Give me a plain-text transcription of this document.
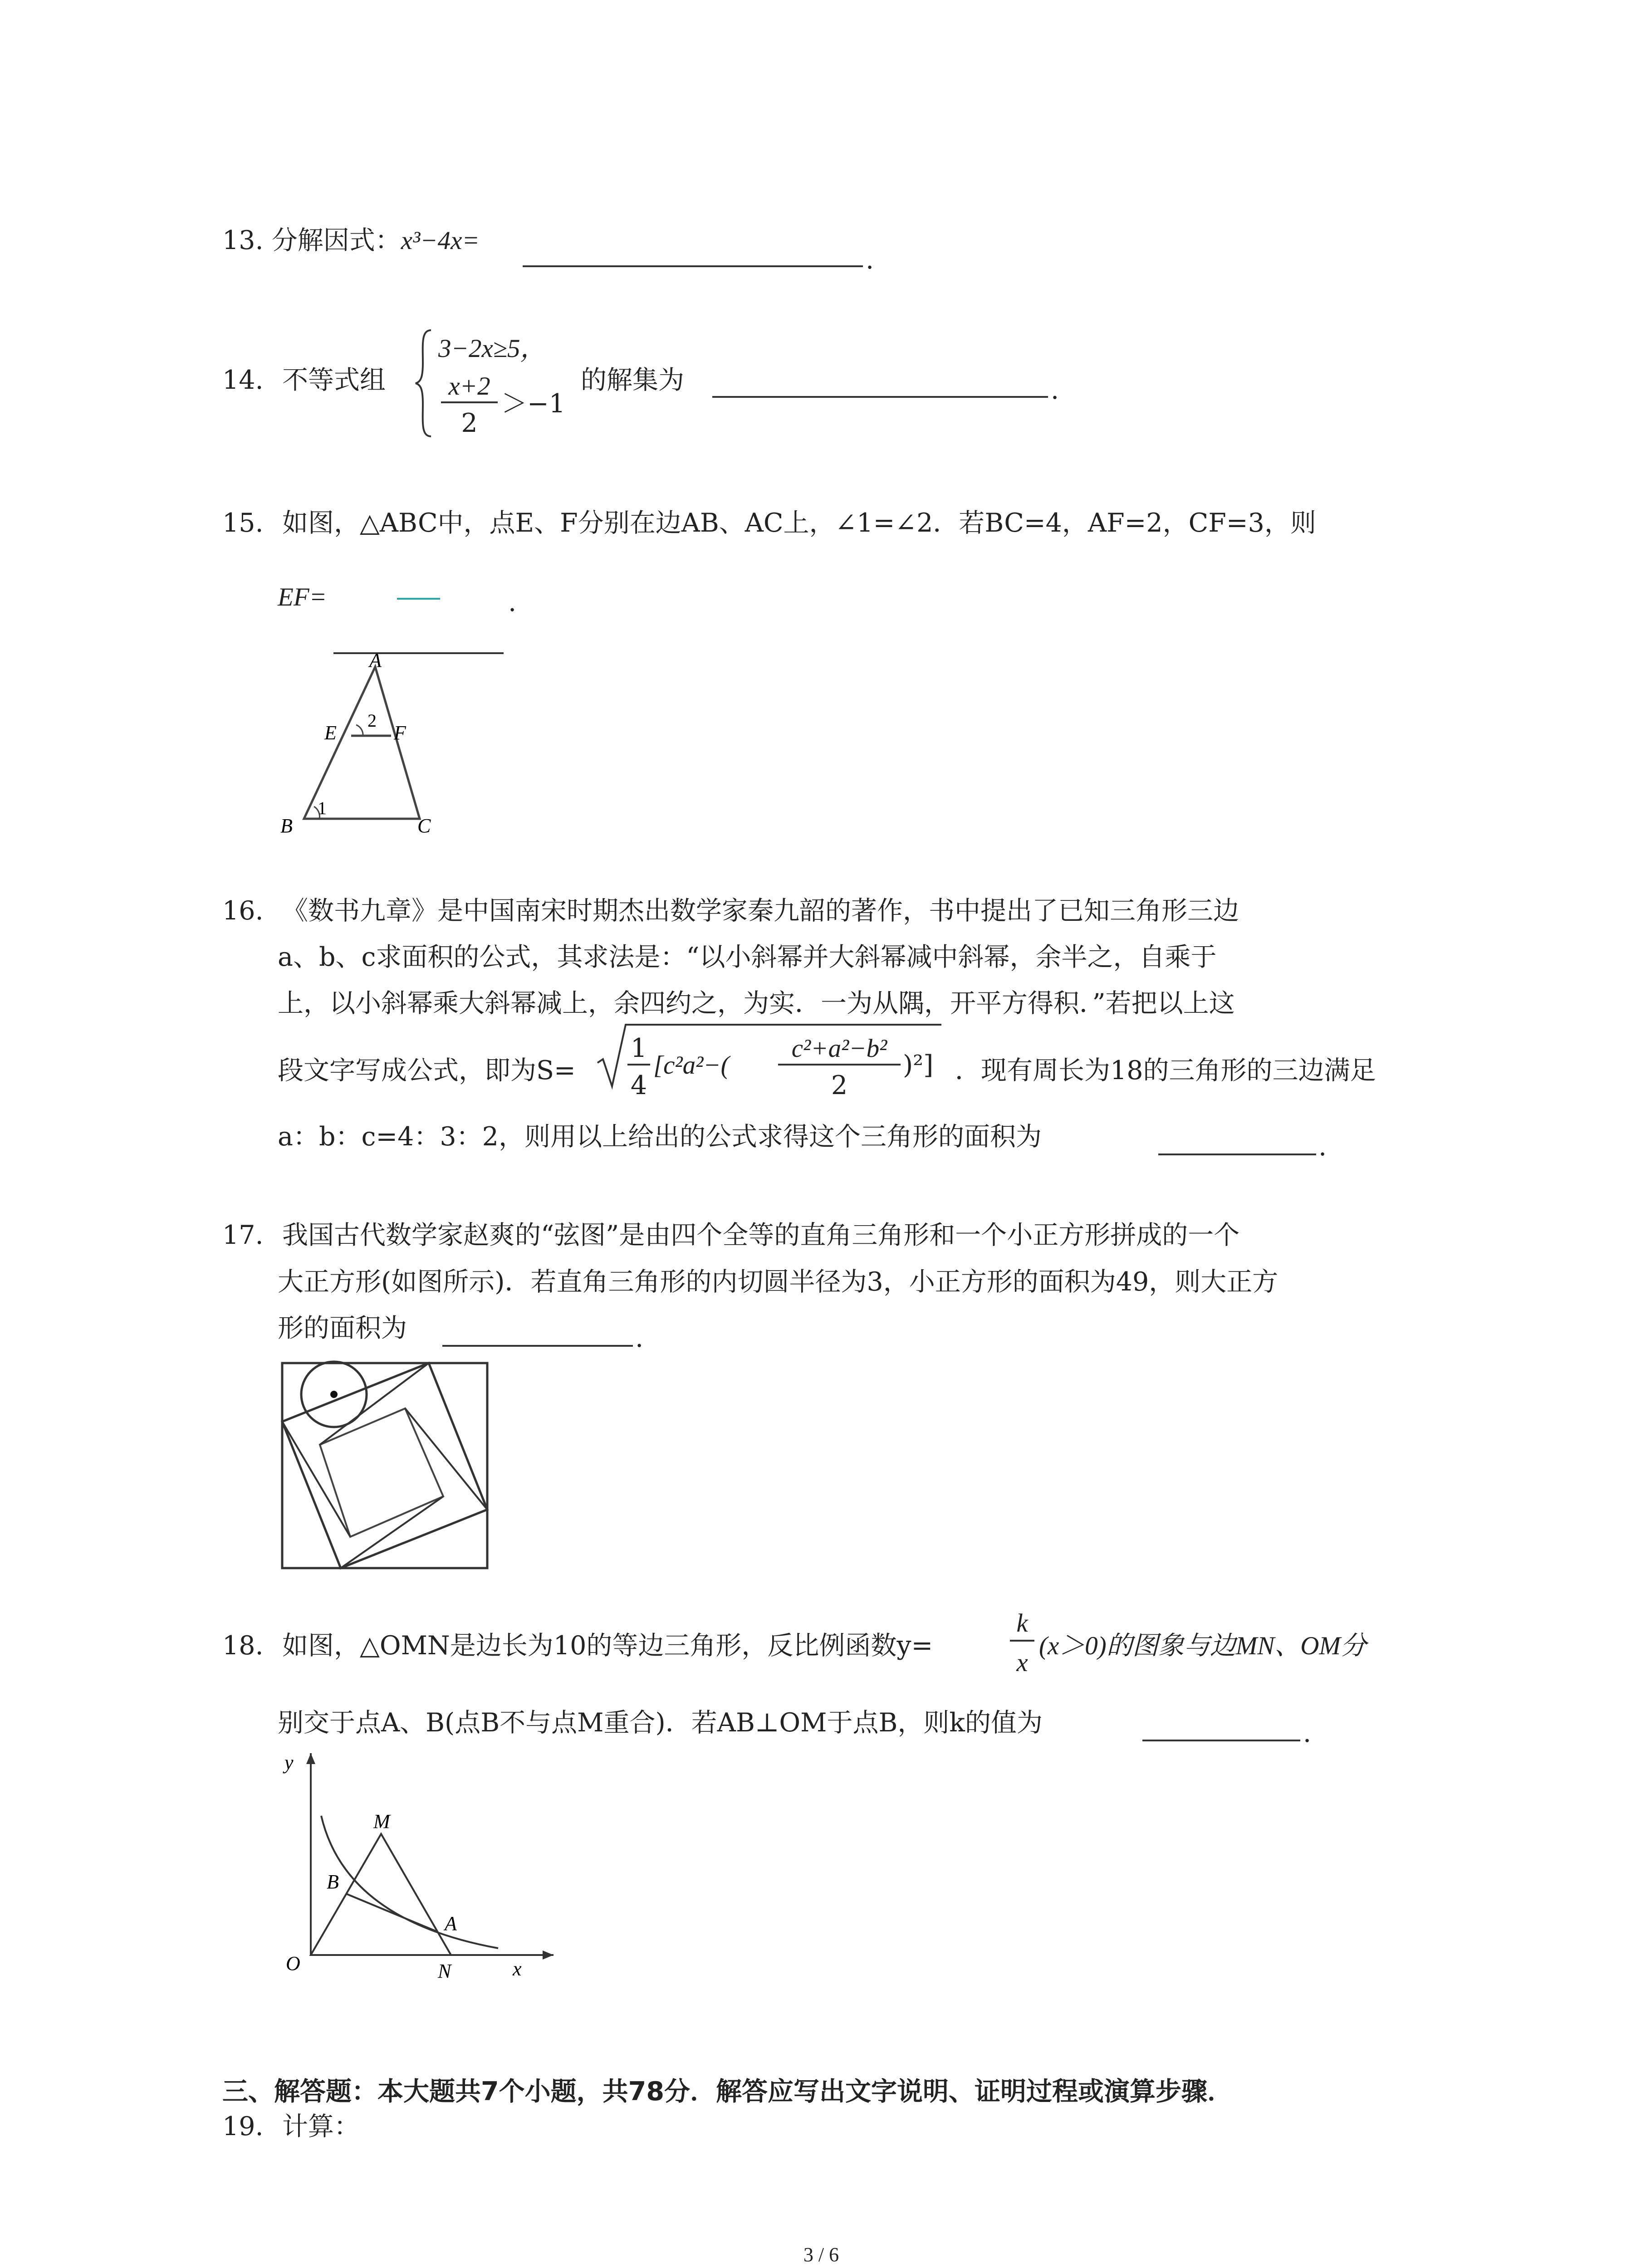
13. 分解因式：x³−4x=
.
14. 不等式组
3−2x≥5，
x+2
2
＞−1
的解集为	.
15. 如图，△ABC中，点E、F分别在边AB、AC上，∠1=∠2．若BC=4，AF=2，CF=3，则
EF=	.
A
E	F
B	C
2
1
16. 《数书九章》是中国南宋时期杰出数学家秦九韶的著作，书中提出了已知三角形三边
a、b、c求面积的公式，其求法是：“以小斜幂并大斜幂减中斜幂，余半之，自乘于
上，以小斜幂乘大斜幂减上，余四约之，为实．一为从隅，开平方得积．”若把以上这
段文字写成公式，即为S=
1
4
[c²a²−(
c²+a²−b²
2
)²] ．现有周长为18的三角形的三边满足
a：b：c=4：3：2，则用以上给出的公式求得这个三角形的面积为	.
17. 我国古代数学家赵爽的“弦图”是由四个全等的直角三角形和一个小正方形拼成的一个
大正方形(如图所示)．若直角三角形的内切圆半径为3，小正方形的面积为49，则大正方
形的面积为	.
18. 如图，△OMN是边长为10的等边三角形，反比例函数y=
k
x
(x＞0)的图象与边MN、OM分
别交于点A、B(点B不与点M重合)．若AB⊥OM于点B，则k的值为	.
y
x
O
M
B
A
N
三、解答题：本大题共7个小题，共78分．解答应写出文字说明、证明过程或演算步骤．
19. 计算：
3 / 6
